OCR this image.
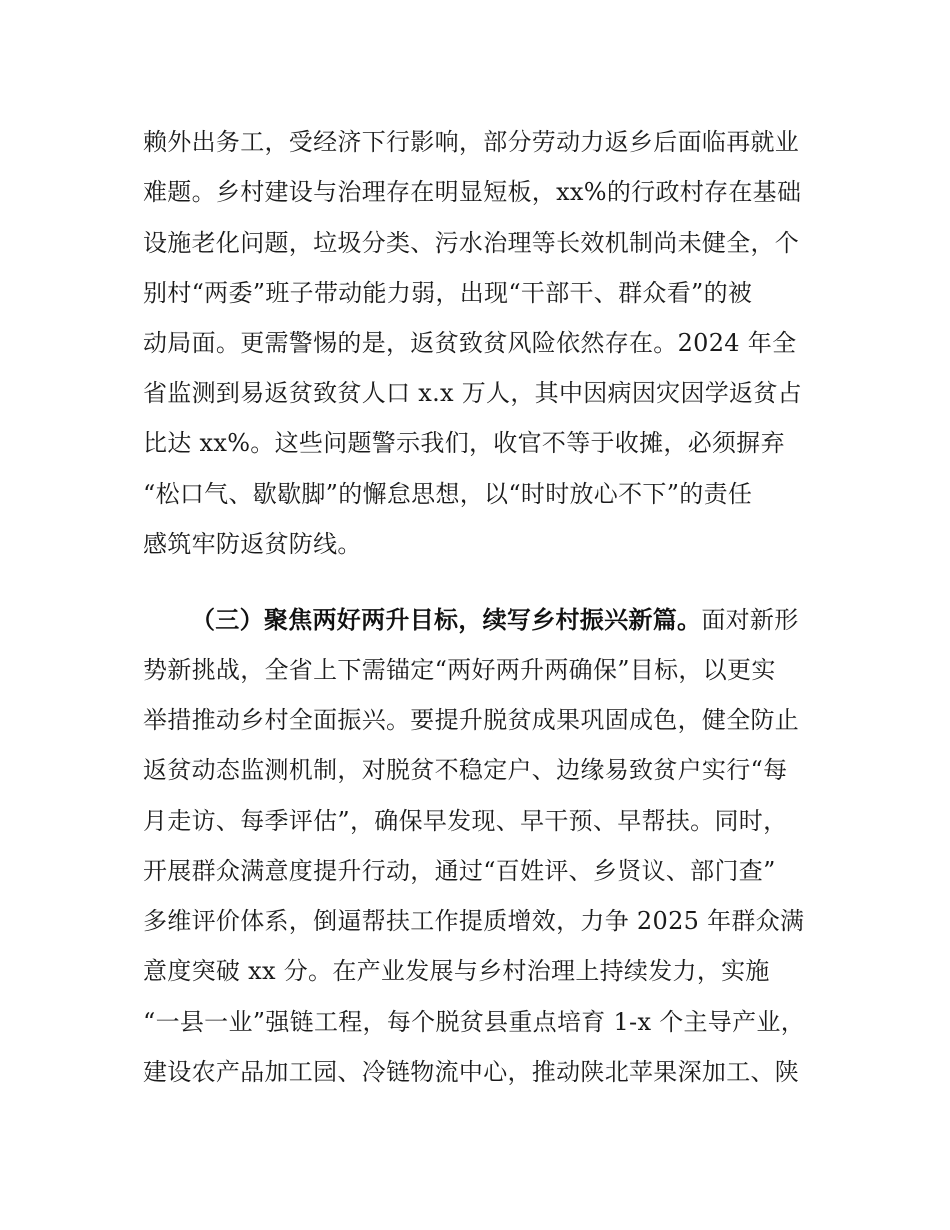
赖外出务工，受经济下行影响，部分劳动力返乡后面临再就业
难题。乡村建设与治理存在明显短板，xx%的行政村存在基础
设施老化问题，垃圾分类、污水治理等长效机制尚未健全，个
别村“两委”班子带动能力弱，出现“干部干、群众看”的被
动局面。更需警惕的是，返贫致贫风险依然存在。2024 年全
省监测到易返贫致贫人口 x.x 万人，其中因病因灾因学返贫占
比达 xx%。这些问题警示我们，收官不等于收摊，必须摒弃
“松口气、歇歇脚”的懈怠思想，以“时时放心不下”的责任
感筑牢防返贫防线。
（三）聚焦两好两升目标，续写乡村振兴新篇。面对新形
势新挑战，全省上下需锚定“两好两升两确保”目标，以更实
举措推动乡村全面振兴。要提升脱贫成果巩固成色，健全防止
返贫动态监测机制，对脱贫不稳定户、边缘易致贫户实行“每
月走访、每季评估”，确保早发现、早干预、早帮扶。同时，
开展群众满意度提升行动，通过“百姓评、乡贤议、部门查”
多维评价体系，倒逼帮扶工作提质增效，力争 2025 年群众满
意度突破 xx 分。在产业发展与乡村治理上持续发力，实施
“一县一业”强链工程，每个脱贫县重点培育 1-x 个主导产业，
建设农产品加工园、冷链物流中心，推动陕北苹果深加工、陕
